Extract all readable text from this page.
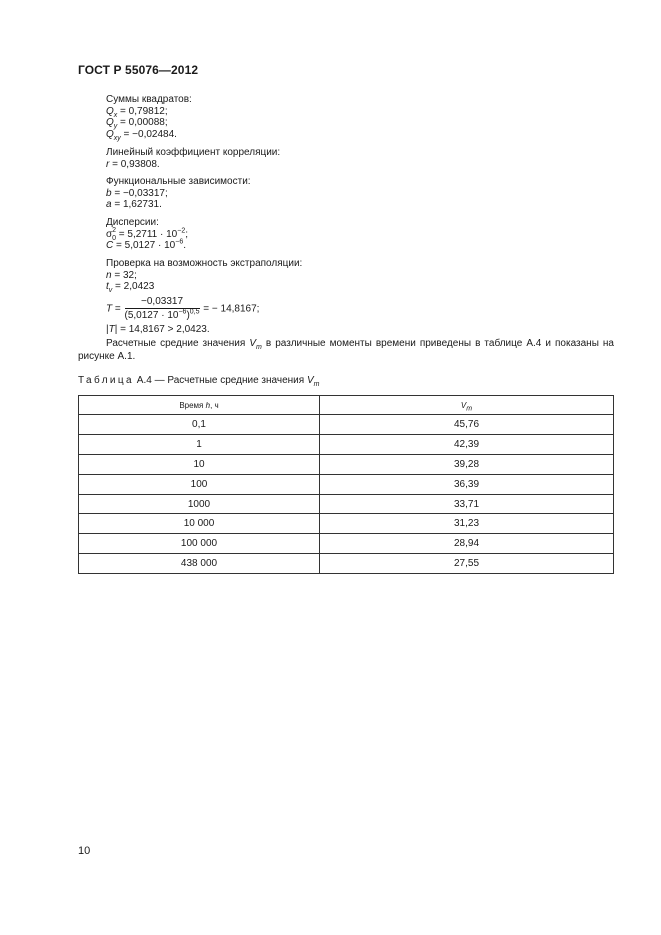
ГОСТ Р 55076—2012
Суммы квадратов:
$Q_x = 0,79812$;
$Q_y = 0,00088$;
$Q_{xy} = -0,02484$.
Линейный коэффициент корреляции:
r = 0,93808.
Функциональные зависимости:
b = −0,03317;
a = 1,62731.
Дисперсии:
$\sigma_0^2 = 5,2711 \cdot 10^{-2}$;
$C = 5,0127 \cdot 10^{-6}$.
Проверка на возможность экстраполяции:
n = 32;
$t_v = 2,0423$
$T = \frac{-0,03317}{(5,0127 \cdot 10^{-6})^{0,5}}$ = − 14,8167;
|T| = 14,8167 > 2,0423.
Расчетные средние значения $V_m$ в различные моменты времени приведены в таблице А.4 и показаны на рисунке А.1.
Таблица А.4 — Расчетные средние значения $V_m$
Время h, ч	$V_m$
0,1	45,76
1	42,39
10	39,28
100	36,39
1000	33,71
10 000	31,23
100 000	28,94
438 000	27,55
10
